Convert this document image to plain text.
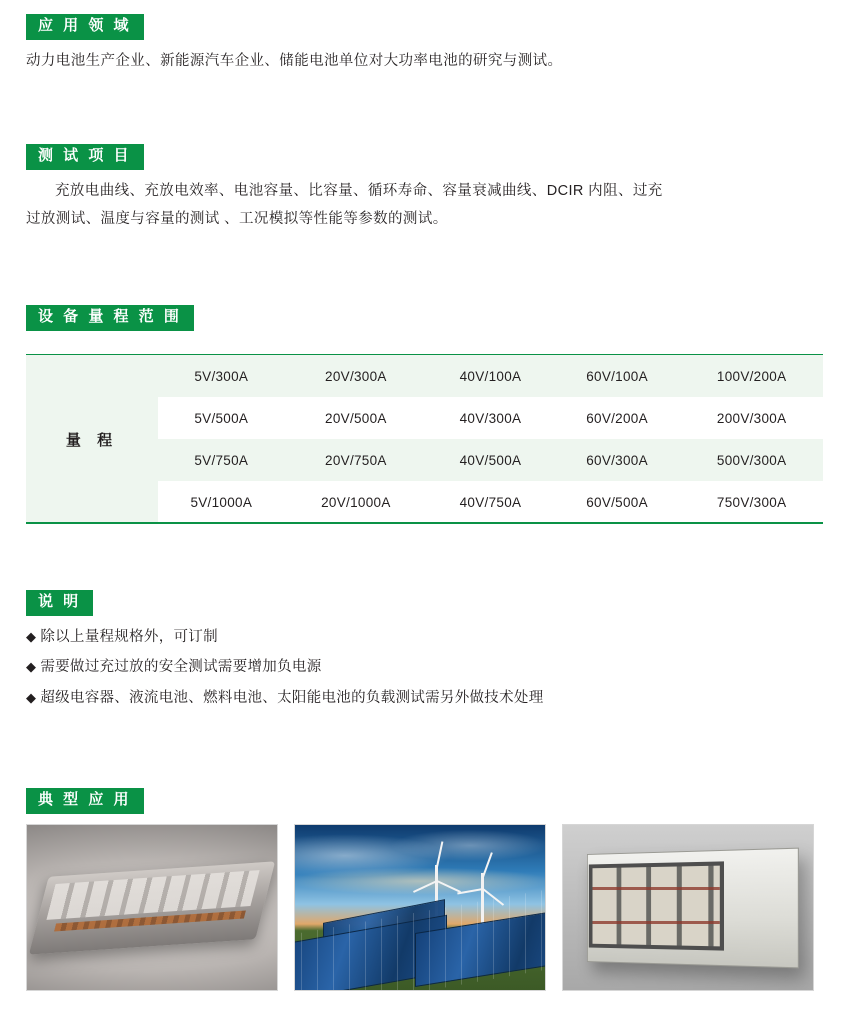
应 用 领 域
动力电池生产企业、新能源汽车企业、储能电池单位对大功率电池的研究与测试。
测 试 项 目
充放电曲线、充放电效率、电池容量、比容量、循环寿命、容量衰减曲线、DCIR 内阻、过充
过放测试、温度与容量的测试 、工况模拟等性能等参数的测试。
设 备 量 程 范 围
量 程	5V/300A	20V/300A	40V/100A	60V/100A	100V/200A
	5V/500A	20V/500A	40V/300A	60V/200A	200V/300A
	5V/750A	20V/750A	40V/500A	60V/300A	500V/300A
	5V/1000A	20V/1000A	40V/750A	60V/500A	750V/300A
说 明
◆ 除以上量程规格外，可订制
◆ 需要做过充过放的安全测试需要增加负电源
◆ 超级电容器、液流电池、燃料电池、太阳能电池的负载测试需另外做技术处理
典 型 应 用
